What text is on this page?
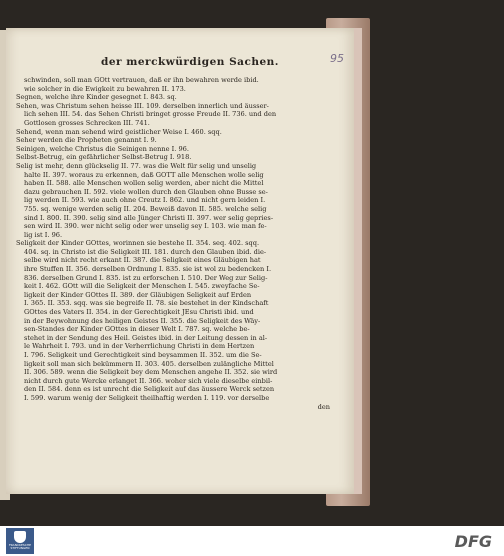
95
der merckwürdigen Sachen.
schwinden, soll man GOtt vertrauen, daß er ihn bewahren werde ibid.
wie solcher in die Ewigkeit zu bewahren II. 173.
Segnen, welche ihre Kinder gesegnet I. 843. sq.
Sehen, was Christum sehen heisse III. 109. derselben innerlich und äusser-
lich sehen III. 54. das Sehen Christi bringet grosse Freude II. 736. und den
Gottlosen grosses Schrecken III. 741.
Sehend, wenn man sehend wird geistlicher Weise I. 460. sqq.
Seher werden die Propheten genannt I. 9.
Seinigen, welche Christus die Seinigen nenne I. 96.
Selbst-Betrug, ein gefährlicher Selbst-Betrug I. 918.
Selig ist mehr, denn glückselig II. 77. was die Welt für selig und unselig
halte II. 397. woraus zu erkennen, daß GOTT alle Menschen wolle selig
haben II. 588. alle Menschen wollen selig werden, aber nicht die Mittel
dazu gebrauchen II. 592. viele wollen durch den Glauben ohne Busse se-
lig werden II. 593. wie auch ohne Creutz I. 862. und nicht gern leiden I.
755. sq. wenige werden selig II. 204. Beweiß davon II. 585. welche selig
sind I. 800. II. 390. selig sind alle Jünger Christi II. 397. wer selig gepries-
sen wird II. 390. wer nicht selig oder wer unselig sey I. 103. wie man fe-
lig ist I. 96.
Seligkeit der Kinder GOttes, worinnen sie bestehe II. 354. seq. 402. sqq.
404. sq. in Christo ist die Seligkeit III. 181. durch den Glauben ibid. die-
selbe wird nicht recht erkant II. 387. die Seligkeit eines Gläubigen hat
ihre Stuffen II. 356. derselben Ordnung I. 835. sie ist wol zu bedencken I.
836. derselben Grund I. 835. ist zu erforschen I. 510. Der Weg zur Selig-
keit I. 462. GOtt will die Seligkeit der Menschen I. 545. zweyfache Se-
ligkeit der Kinder GOttes II. 389. der Gläubigen Seligkeit auf Erden
I. 365. II. 353. sqq. was sie begreife II. 78. sie bestehet in der Kindschaft
GOttes des Vaters II. 354. in der Gerechtigkeit JEsu Christi ibid. und
in der Beywohnung des heiligen Geistes II. 355. die Seligkeit des Wäy-
sen-Standes der Kinder GOttes in dieser Welt I. 787. sq. welche be-
stehet in der Sendung des Heil. Geistes ibid. in der Leitung dessen in al-
le Wahrheit I. 793. und in der Verherrlichung Christi in dem Hertzen
I. 796. Seligkeit und Gerechtigkeit sind beysammen II. 352. um die Se-
ligkeit soll man sich bekümmern II. 303. 405. derselben zulängliche Mittel
II. 306. 589. wenn die Seligkeit bey dem Menschen angehe II. 352. sie wird
nicht durch gute Wercke erlanget II. 366. woher sich viele dieselbe einbil-
den II. 584. denn es ist unrecht die Seligkeit auf das äussere Werck setzen
I. 599. warum wenig der Seligkeit theilhaftig werden I. 119. vor derselbe
den
FRANCKESCHE STIFTUNGEN	DFG
